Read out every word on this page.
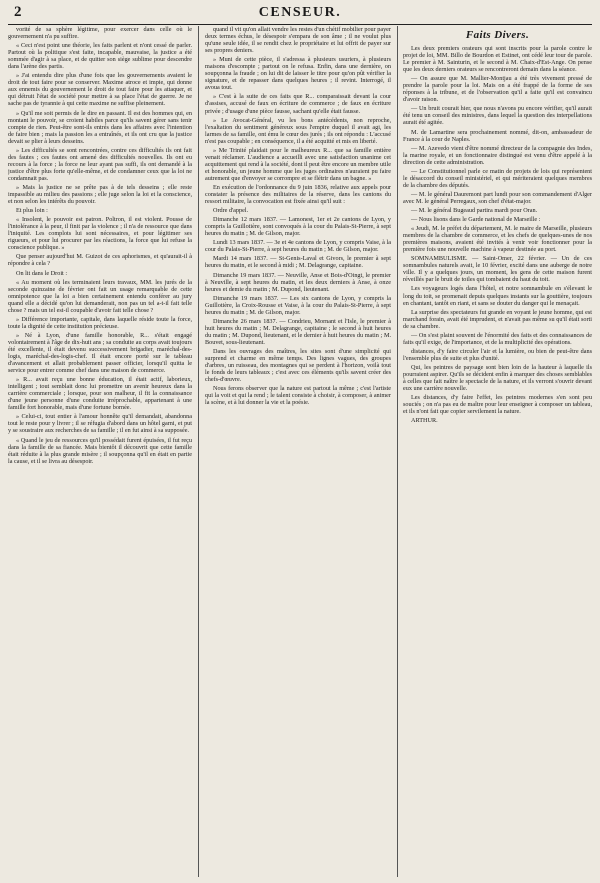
2	CENSEUR.

vorité de sa sphère légitime, pour exercer dans celle où le gouvernement n'a pu suffire.

« Ceci n'est point une théorie, les faits parlent et n'ont cessé de parler. Partout où la politique s'est faite, incapable, mauvaise, la justice a été sommée d'agir à sa place, et de quitter son siège sublime pour descendre dans l'arène des partis.

» J'ai entendu dire plus d'une fois que les gouvernements avaient le droit de tout faire pour se conserver. Maxime atroce et impie, qui donne aux ennemis du gouvernement le droit de tout faire pour les attaquer, et qui détruit l'état de société pour mettre à sa place l'état de guerre. Je ne sache pas de tyrannie à qui cette maxime ne suffise pleinement.

» Qu'il me soit permis de le dire en passant. Il est des hommes qui, en montant le pouvoir, se croient habiles parce qu'ils savent gérer sans tenir compte de rien. Peut-être sont-ils entrés dans les affaires avec l'intention de faire bien ; mais la passion les a entraînés, et ils ont cru que la justice devait se plier à leurs desseins.

» Les difficultés se sont rencontrées, contre ces difficultés ils ont fait des fautes ; ces fautes ont amené des difficultés nouvelles. Ils ont eu recours à la force ; la force ne leur ayant pas suffi, ils ont demandé à la justice d'être plus forte qu'elle-même, et de condamner ceux que la loi ne condamnait pas.

» Mais la justice ne se prête pas à de tels desseins ; elle reste impassible au milieu des passions ; elle juge selon la loi et la conscience, et non selon les intérêts du pouvoir.

Et plus loin :

« Insolent, le pouvoir est patron. Poltron, il est violent. Pousse de l'intolérance à la peur, il finit par la violence ; il n'a de ressource que dans l'iniquité. Les complots lui sont nécessaires, et pour légitimer ses rigueurs, et pour lui procurer par les réactions, la force que lui refuse la conscience publique. »

Que penser aujourd'hui M. Guizot de ces aphorismes, et qu'aurait-il à répondre à cela ?

On lit dans le Droit :

« Au moment où les terminaient leurs travaux, MM. les jurés de la seconde quinzaine de février ont fait un usage remarquable de cette omnipotence que la loi a bien certainement entendu conférer au jury quand elle a décidé qu'on lui demanderait, non pas un tel a-t-il fait telle chose ? mais un tel est-il coupable d'avoir fait telle chose ?

» Différence importante, capitale, dans laquelle réside toute la force, toute la dignité de cette institution précieuse.

» Né à Lyon, d'une famille honorable, R... s'était engagé volontairement à l'âge de dix-huit ans ; sa conduite au corps avait toujours été excellente, il était devenu successivement brigadier, maréchal-des-logis, maréchal-des-logis-chef. Il était encore porté sur le tableau d'avancement et allait probablement passer officier, lorsqu'il quitta le service pour entrer comme chef dans une maison de commerce.

» R... avait reçu une bonne éducation, il était actif, laborieux, intelligent ; tout semblait donc lui promettre un avenir heureux dans la carrière commerciale ; lorsque, pour son malheur, il fit la connaissance d'une jeune personne d'une conduite irréprochable, appartenant à une famille fort honorable, mais d'une fortune bornée.

» Celui-ci, tout entier à l'amour honnête qu'il demandait, abandonna tout le reste pour y livrer ; il se réfugia d'abord dans un hôtel garni, et put y se soustraire aux recherches de sa famille ; il en fut ainsi à sa supposée.

« Quand le jeu de ressources qu'il possédait furent épuisées, il fut reçu dans la famille de sa fiancée. Mais bientôt il découvrit que cette famille était réduite à la plus grande misère ; il soupçonna qu'il en était en partie la cause, et il se livra au désespoir.

quand il vit qu'on allait vendre les restes d'un chétif mobilier pour payer deux termes échus, le désespoir s'empara de son âme ; il ne voulut plus qu'une seule idée, il se rendit chez le propriétaire et lui offrit de payer sur ses propres deniers.

» Muni de cette pièce, il s'adressa à plusieurs usuriers, à plusieurs maisons d'escompte ; partout on le refusa. Enfin, dans une dernière, on soupçonna la fraude ; on lui dit de laisser le titre pour qu'on pût vérifier la signature, et de repasser dans quelques heures ; il revint. Interrogé, il avoua tout.

» C'est à la suite de ces faits que R... comparaissait devant la cour d'assises, accusé de faux en écriture de commerce ; de faux en écriture privée ; d'usage d'une pièce fausse, sachant qu'elle était fausse.

» Le Avocat-Général, vu les bons antécédents, non reproche, l'exaltation du sentiment généreux sous l'empire duquel il avait agi, les larmes de sa famille, ont ému le cœur des jurés ; ils ont répondu : L'accusé n'est pas coupable ; en conséquence, il a été acquitté et mis en liberté.

» Me Trinité plaidait pour le malheureux R... que sa famille entière venait réclamer. L'audience a accueilli avec une satisfaction unanime cet acquittement qui rend à la société, dont il peut être encore un membre utile et honorable, un jeune homme que les juges ordinaires n'auraient pu faire autrement que d'envoyer se corrompre et se flétrir dans un bagne. »

En exécution de l'ordonnance du 9 juin 1836, relative aux appels pour constater la présence des militaires de la réserve, dans les cantons du ressort militaire, la convocation est fixée ainsi qu'il suit :

Ordre d'appel.

Dimanche 12 mars 1837. — Lamonest, 1er et 2e cantons de Lyon, y compris la Guillotière, sont convoqués à la cour du Palais-St-Pierre, à sept heures du matin ; M. de Gilson, major.

Lundi 13 mars 1837. — 3e et 4e cantons de Lyon, y compris Vaise, à la cour du Palais-St-Pierre, à sept heures du matin ; M. de Gilson, major.

Mardi 14 mars 1837. — St-Genis-Laval et Givors, le premier à sept heures du matin, et le second à midi ; M. Delagrange, capitaine.

Dimanche 19 mars 1837. — Neuville, Anse et Bois-d'Oingt, le premier à Neuville, à sept heures du matin, et les deux derniers à Anse, à onze heures et demie du matin ; M. Dupond, lieutenant.

Dimanche 19 mars 1837. — Les six cantons de Lyon, y compris la Guillotière, la Croix-Rousse et Vaise, à la cour du Palais-St-Pierre, à sept heures du matin ; M. de Gilson, major.

Dimanche 26 mars 1837. — Condrieu, Mornant et l'Isle, le premier à huit heures du matin ; M. Delagrange, capitaine ; le second à huit heures du matin ; M. Dupond, lieutenant, et le dernier à huit heures du matin ; M. Bouvet, sous-lieutenant.

Dans les ouvrages des maîtres, les sites sont d'une simplicité qui surprend et charme en même temps. Des lignes vagues, des groupes d'arbres, un ruisseau, des montagnes qui se perdent à l'horizon, voilà tout le fonds de leurs tableaux ; c'est avec ces éléments qu'ils savent créer des chefs-d'œuvre.

Nous ferons observer que la nature est partout la même ; c'est l'artiste qui la voit et qui la rend ; le talent consiste à choisir, à composer, à animer la scène, et à lui donner la vie et la poésie.

Faits Divers.

Les deux premiers orateurs qui sont inscrits pour la parole contre le projet de loi, MM. Billo de Bourdon et Estinet, ont cédé leur tour de parole. Le premier à M. Sainturin, et le second à M. Chaix-d'Est-Ange. On pense que les deux derniers orateurs se rencontreront demain dans la séance.

— On assure que M. Mallier-Montjau a été très vivement pressé de prendre la parole pour la loi. Mais on a été frappé de la forme de ses réponses à la tribune, et de l'observation qu'il a faite qu'il est convaincu d'avoir raison.

— Un bruit courait hier, que nous n'avons pu encore vérifier, qu'il aurait été tenu un conseil des ministres, dans lequel la question des interpellations aurait été agitée.

M. de Lamartine sera prochainement nommé, dit-on, ambassadeur de France à la cour de Naples.

— M. Azevedo vient d'être nommé directeur de la compagnie des Indes, la marine royale, et un fonctionnaire distingué est venu d'être appelé à la direction de cette administration.

— Le Constitutionnel parle ce matin de projets de lois qui représentent le désaccord du conseil ministériel, et qui mériteraient quelques membres de la chambre des députés.

— M. le général Dauremont part lundi pour son commandement d'Alger avec M. le général Perregaux, son chef d'état-major.

— M. le général Bugeaud partira mardi pour Oran.

— Nous lisons dans le Garde national de Marseille :

« Jeudi, M. le préfet du département, M. le maire de Marseille, plusieurs membres de la chambre de commerce, et les chefs de quelques-unes de nos premières maisons, avaient été invités à venir voir fonctionner pour la première fois une nouvelle machine à vapeur destinée au port.

SOMNAMBULISME. — Saint-Omer, 22 février. — Un de ces somnambules naturels avait, le 10 février, excité dans une auberge de notre ville. Il y a quelques jours, un moment, les gens de cette maison furent réveillés par le bruit de toiles qui tombaient du haut du toit.

Les voyageurs logés dans l'hôtel, et notre somnambule en s'élevant le long du toit, se promenait depuis quelques instants sur la gouttière, toujours en chantant, tantôt en riant, et sans se douter du danger qui le menaçait.

La surprise des spectateurs fut grande en voyant le jeune homme, qui est marchand forain, avait été imprudent, et n'avait pas même su qu'il était sorti de sa chambre.

— On s'est plaint souvent de l'énormité des faits et des connaissances de faits qu'il exige, de l'importance, et de la multiplicité des opérations.

distances, d'y faire circuler l'air et la lumière, ou bien de peut-être dans l'ensemble plus de suite et plus d'unité.

Qui, les peintres de paysage sont bien loin de la hauteur à laquelle ils pourraient aspirer. Qu'ils se décident enfin à marquer des choses semblables à celles que fait naître le spectacle de la nature, et ils verront s'ouvrir devant eux une carrière nouvelle.

Les distances, d'y faire l'effet, les peintres modernes s'en sont peu souciés ; on n'a pas eu de maître pour leur enseigner à composer un tableau, et ils n'ont fait que copier servilement la nature.

ARTHUR.
